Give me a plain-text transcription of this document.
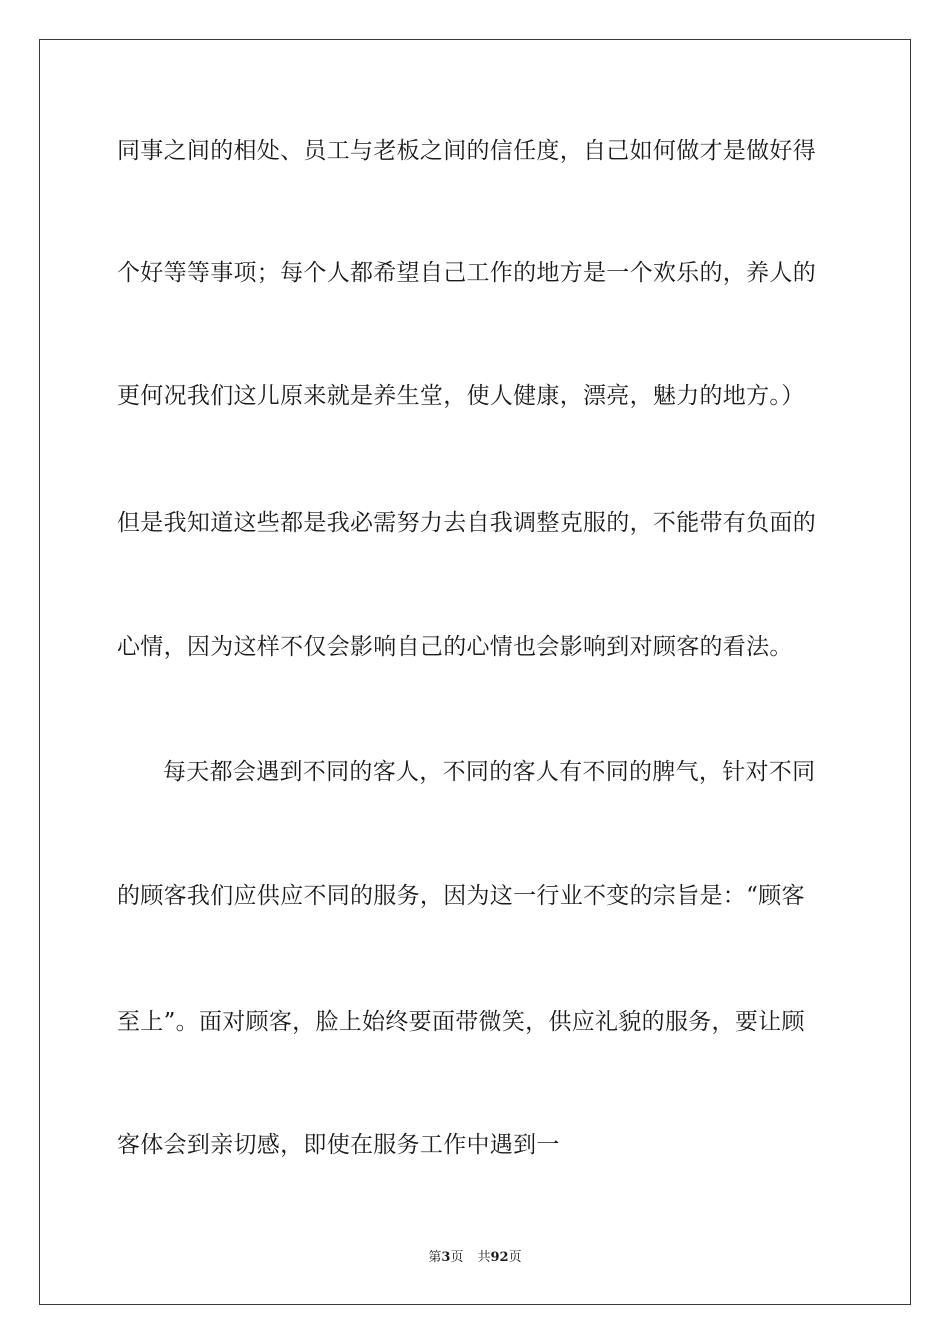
同事之间的相处、员工与老板之间的信任度，自己如何做才是做好得
个好等等事项；每个人都希望自己工作的地方是一个欢乐的，养人的
更何况我们这儿原来就是养生堂，使人健康，漂亮，魅力的地方。）
但是我知道这些都是我必需努力去自我调整克服的，不能带有负面的
心情，因为这样不仅会影响自己的心情也会影响到对顾客的看法。
每天都会遇到不同的客人，不同的客人有不同的脾气，针对不同
的顾客我们应供应不同的服务，因为这一行业不变的宗旨是：“顾客
至上”。面对顾客，脸上始终要面带微笑，供应礼貌的服务，要让顾
客体会到亲切感，即使在服务工作中遇到一
第3页 共92页
